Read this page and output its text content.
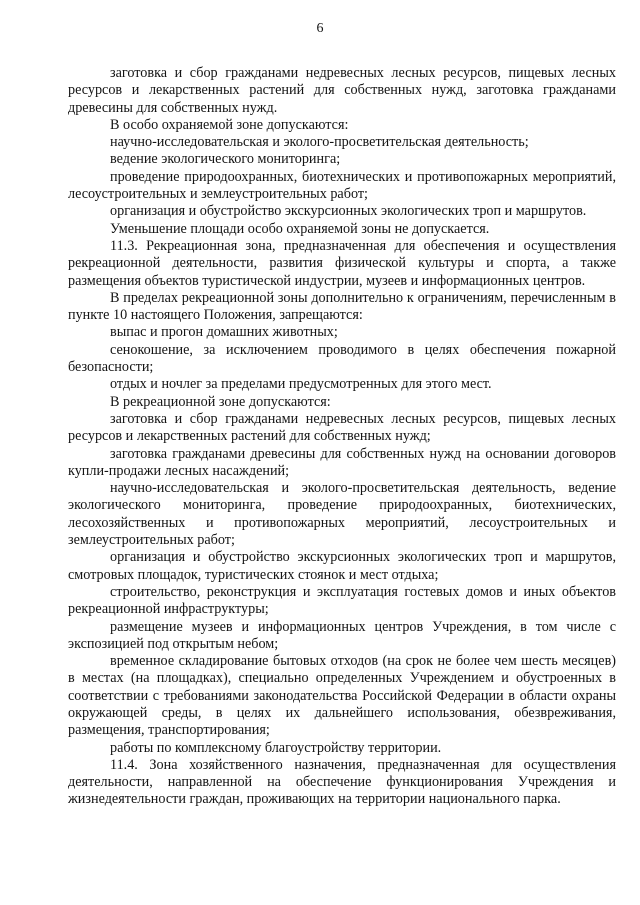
6

заготовка и сбор гражданами недревесных лесных ресурсов, пищевых лесных ресурсов и лекарственных растений для собственных нужд, заготовка гражданами древесины для собственных нужд.

В особо охраняемой зоне допускаются:

научно-исследовательская и эколого-просветительская деятельность;

ведение экологического мониторинга;

проведение природоохранных, биотехнических и противопожарных мероприятий, лесоустроительных и землеустроительных работ;

организация и обустройство экскурсионных экологических троп и маршрутов.

Уменьшение площади особо охраняемой зоны не допускается.

11.3. Рекреационная зона, предназначенная для обеспечения и осуществления рекреационной деятельности, развития физической культуры и спорта, а также размещения объектов туристической индустрии, музеев и информационных центров.

В пределах рекреационной зоны дополнительно к ограничениям, перечисленным в пункте 10 настоящего Положения, запрещаются:

выпас и прогон домашних животных;

сенокошение, за исключением проводимого в целях обеспечения пожарной безопасности;

отдых и ночлег за пределами предусмотренных для этого мест.

В рекреационной зоне допускаются:

заготовка и сбор гражданами недревесных лесных ресурсов, пищевых лесных ресурсов и лекарственных растений для собственных нужд;

заготовка гражданами древесины для собственных нужд на основании договоров купли-продажи лесных насаждений;

научно-исследовательская и эколого-просветительская деятельность, ведение экологического мониторинга, проведение природоохранных, биотехнических, лесохозяйственных и противопожарных мероприятий, лесоустроительных и землеустроительных работ;

организация и обустройство экскурсионных экологических троп и маршрутов, смотровых площадок, туристических стоянок и мест отдыха;

строительство, реконструкция и эксплуатация гостевых домов и иных объектов рекреационной инфраструктуры;

размещение музеев и информационных центров Учреждения, в том числе с экспозицией под открытым небом;

временное складирование бытовых отходов (на срок не более чем шесть месяцев) в местах (на площадках), специально определенных Учреждением и обустроенных в соответствии с требованиями законодательства Российской Федерации в области охраны окружающей среды, в целях их дальнейшего использования, обезвреживания, размещения, транспортирования;

работы по комплексному благоустройству территории.

11.4. Зона хозяйственного назначения, предназначенная для осуществления деятельности, направленной на обеспечение функционирования Учреждения и жизнедеятельности граждан, проживающих на территории национального парка.
